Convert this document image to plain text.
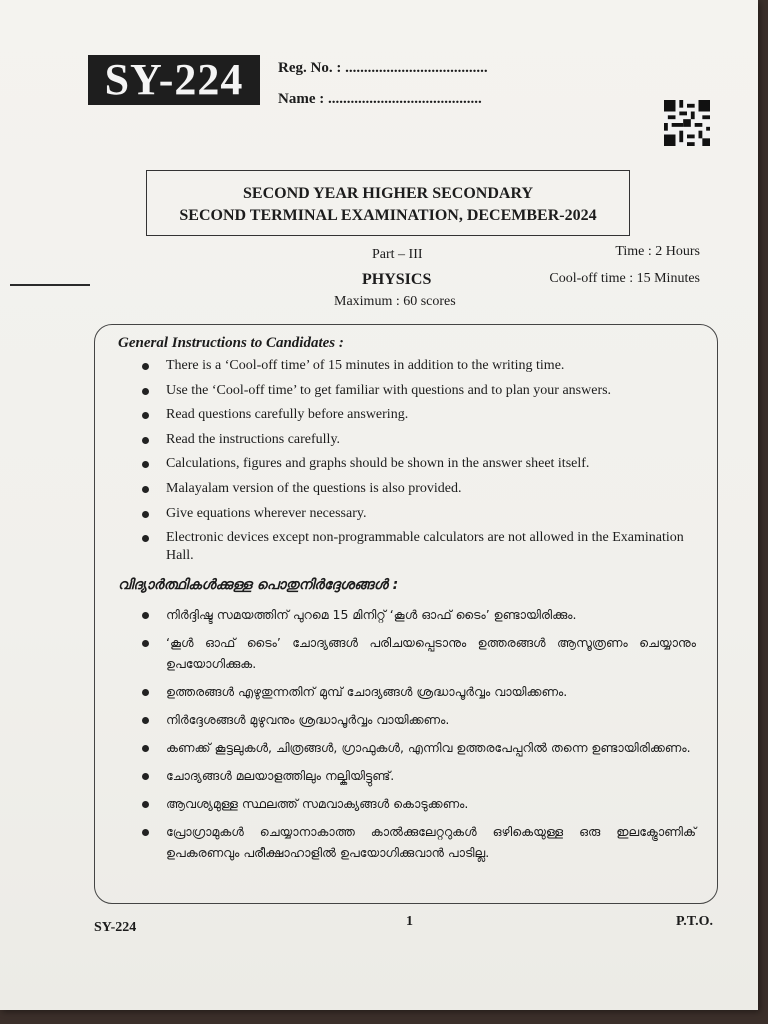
SY-224	Reg. No. : ......................................
Name : .........................................
SECOND YEAR HIGHER SECONDARY
SECOND TERMINAL EXAMINATION, DECEMBER-2024
Part – III	Time : 2 Hours
PHYSICS	Cool-off time : 15 Minutes
Maximum : 60 scores
General Instructions to Candidates :
There is a ‘Cool-off time’ of 15 minutes in addition to the writing time.
Use the ‘Cool-off time’ to get familiar with questions and to plan your answers.
Read questions carefully before answering.
Read the instructions carefully.
Calculations, figures and graphs should be shown in the answer sheet itself.
Malayalam version of the questions is also provided.
Give equations wherever necessary.
Electronic devices except non-programmable calculators are not allowed in the Examination Hall.
വിദ്യാർത്ഥികൾക്കുള്ള പൊതുനിർദ്ദേശങ്ങൾ :
നിർദ്ദിഷ്ട സമയത്തിന് പുറമെ 15 മിനിറ്റ് ‘കൂൾ ഓഫ് ടൈം’ ഉണ്ടായിരിക്കും.
‘കൂൾ ഓഫ് ടൈം’ ചോദ്യങ്ങൾ പരിചയപ്പെടാനും ഉത്തരങ്ങൾ ആസൂത്രണം ചെയ്യാനും ഉപയോഗിക്കുക.
ഉത്തരങ്ങൾ എഴുതുന്നതിന് മുമ്പ് ചോദ്യങ്ങൾ ശ്രദ്ധാപൂർവ്വം വായിക്കണം.
നിർദ്ദേശങ്ങൾ മുഴുവനും ശ്രദ്ധാപൂർവ്വം വായിക്കണം.
കണക്ക് കൂട്ടലുകൾ, ചിത്രങ്ങൾ, ഗ്രാഫുകൾ, എന്നിവ ഉത്തരപേപ്പറിൽ തന്നെ ഉണ്ടായിരിക്കണം.
ചോദ്യങ്ങൾ മലയാളത്തിലും നല്കിയിട്ടുണ്ട്.
ആവശ്യമുള്ള സ്ഥലത്ത് സമവാക്യങ്ങൾ കൊടുക്കണം.
പ്രോഗ്രാമുകൾ ചെയ്യാനാകാത്ത കാൽക്കുലേറ്ററുകൾ ഒഴികെയുള്ള ഒരു ഇലക്ട്രോണിക് ഉപകരണവും പരീക്ഷാഹാളിൽ ഉപയോഗിക്കുവാൻ പാടില്ല.
SY-224	1	P.T.O.
